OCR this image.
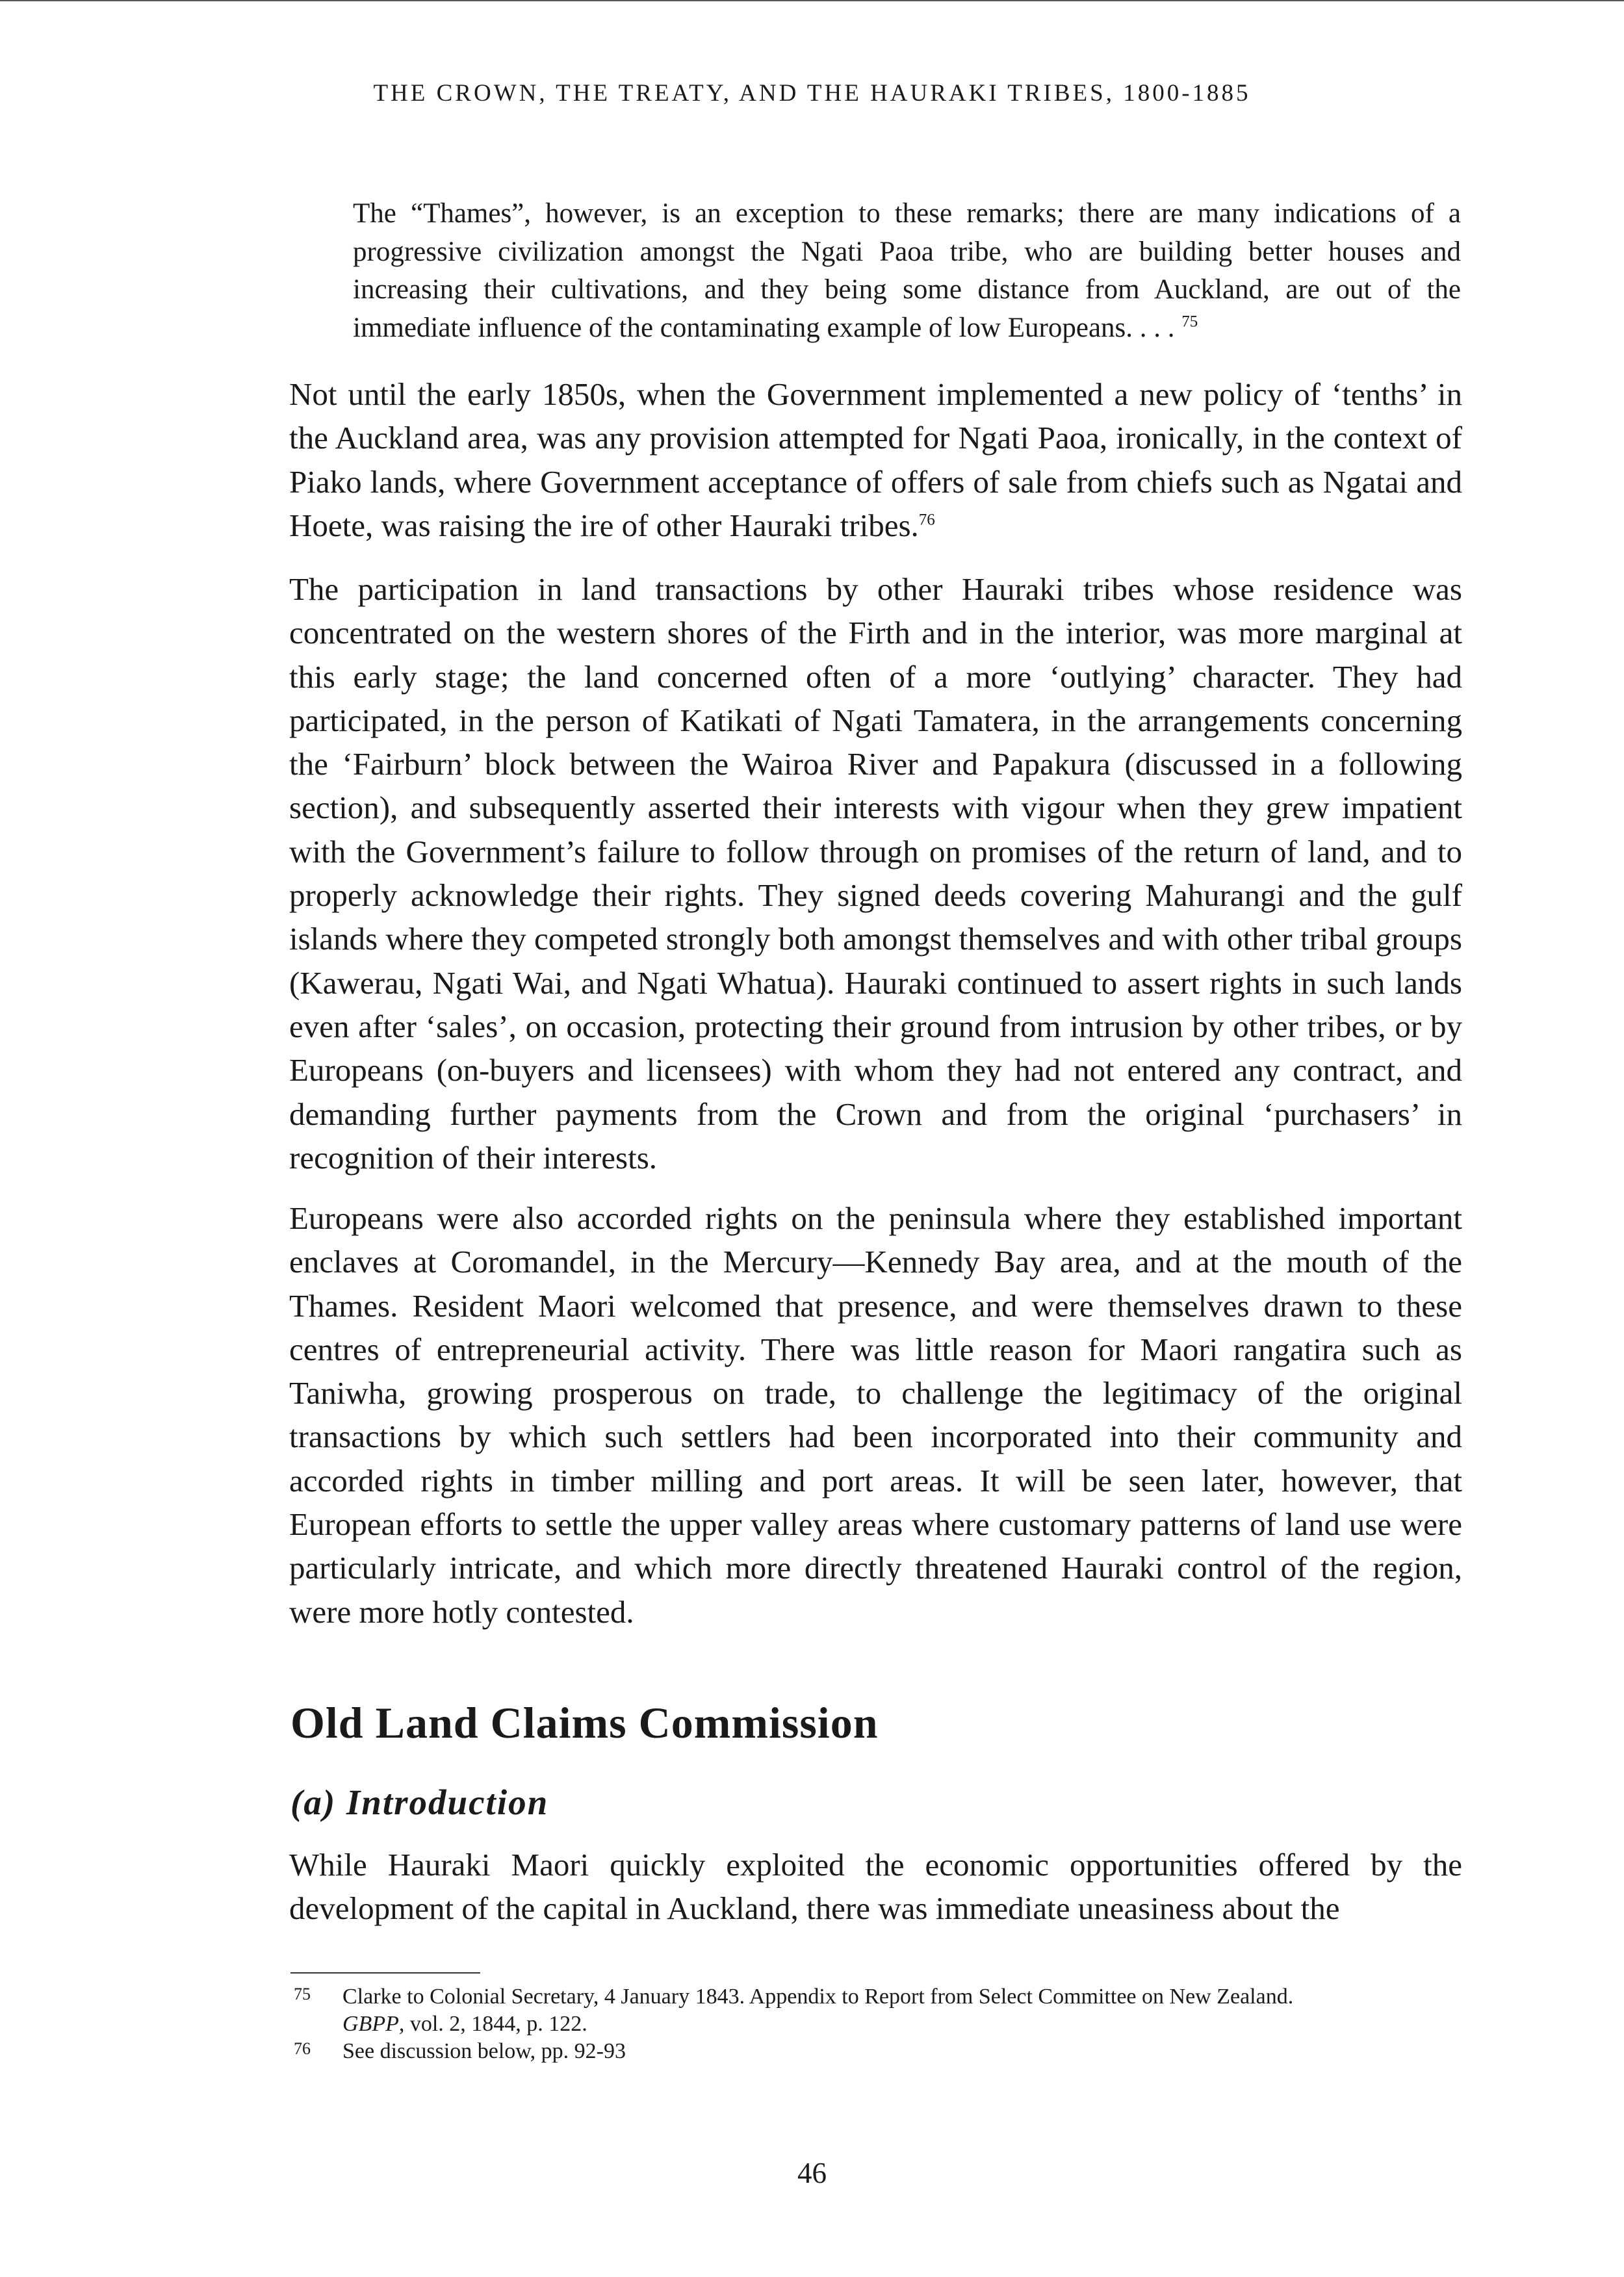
THE CROWN, THE TREATY, AND THE HAURAKI TRIBES, 1800-1885
The “Thames”, however, is an exception to these remarks; there are many indications of a progressive civilization amongst the Ngati Paoa tribe, who are building better houses and increasing their cultivations, and they being some distance from Auckland, are out of the immediate influence of the contaminating example of low Europeans. . . . $^{75}$

Not until the early 1850s, when the Government implemented a new policy of ‘tenths’ in the Auckland area, was any provision attempted for Ngati Paoa, ironically, in the context of Piako lands, where Government acceptance of offers of sale from chiefs such as Ngatai and Hoete, was raising the ire of other Hauraki tribes.$^{76}$

The participation in land transactions by other Hauraki tribes whose residence was concentrated on the western shores of the Firth and in the interior, was more marginal at this early stage; the land concerned often of a more ‘outlying’ character. They had participated, in the person of Katikati of Ngati Tamatera, in the arrangements concerning the ‘Fairburn’ block between the Wairoa River and Papakura (discussed in a following section), and subsequently asserted their interests with vigour when they grew impatient with the Government’s failure to follow through on promises of the return of land, and to properly acknowledge their rights. They signed deeds covering Mahurangi and the gulf islands where they competed strongly both amongst themselves and with other tribal groups (Kawerau, Ngati Wai, and Ngati Whatua). Hauraki continued to assert rights in such lands even after ‘sales’, on occasion, protecting their ground from intrusion by other tribes, or by Europeans (on-buyers and licensees) with whom they had not entered any contract, and demanding further payments from the Crown and from the original ‘purchasers’ in recognition of their interests.

Europeans were also accorded rights on the peninsula where they established important enclaves at Coromandel, in the Mercury—Kennedy Bay area, and at the mouth of the Thames. Resident Maori welcomed that presence, and were themselves drawn to these centres of entrepreneurial activity. There was little reason for Maori rangatira such as Taniwha, growing prosperous on trade, to challenge the legitimacy of the original transactions by which such settlers had been incorporated into their community and accorded rights in timber milling and port areas. It will be seen later, however, that European efforts to settle the upper valley areas where customary patterns of land use were particularly intricate, and which more directly threatened Hauraki control of the region, were more hotly contested.

Old Land Claims Commission
(a) Introduction

While Hauraki Maori quickly exploited the economic opportunities offered by the development of the capital in Auckland, there was immediate uneasiness about the

75 Clarke to Colonial Secretary, 4 January 1843. Appendix to Report from Select Committee on New Zealand.
GBPP, vol. 2, 1844, p. 122.
76 See discussion below, pp. 92-93
46
